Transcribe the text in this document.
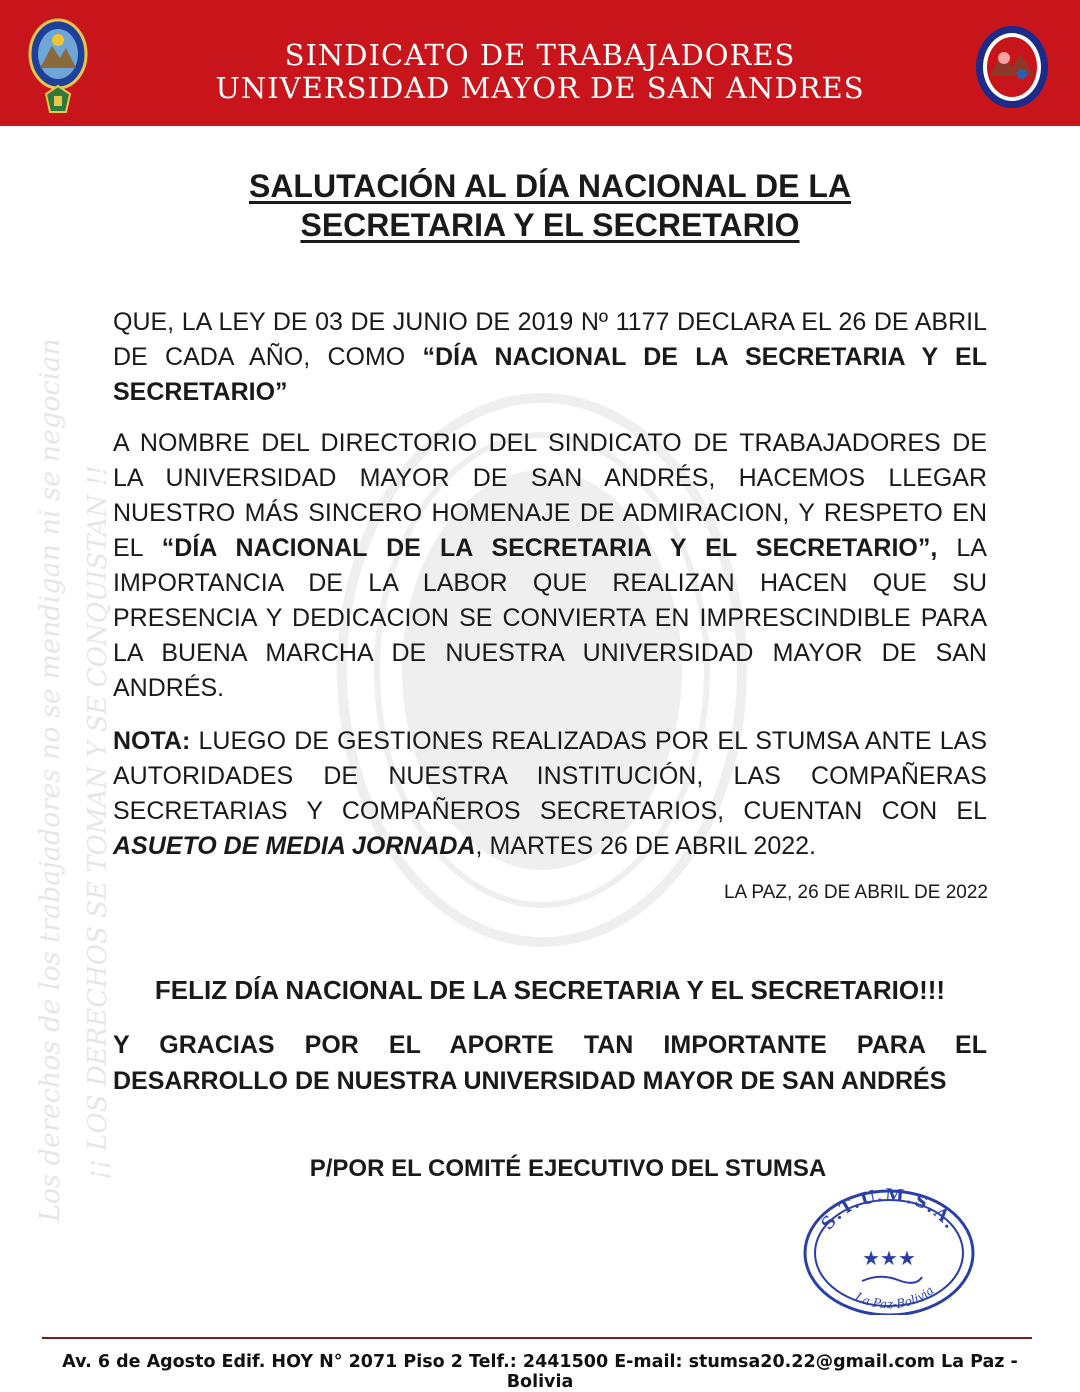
SINDICATO DE TRABAJADORES
UNIVERSIDAD MAYOR DE SAN ANDRES
Los derechos de los trabajadores no se mendigan ni se negocian ¡¡ LOS DERECHOS SE TOMAN Y SE CONQUISTAN !!
SALUTACIÓN AL DÍA NACIONAL DE LA
SECRETARIA Y EL SECRETARIO
QUE, LA LEY DE 03 DE JUNIO DE 2019 Nº 1177 DECLARA EL 26 DE ABRIL DE CADA AÑO, COMO “DÍA NACIONAL DE LA SECRETARIA Y EL SECRETARIO”
A NOMBRE DEL DIRECTORIO DEL SINDICATO DE TRABAJADORES DE LA UNIVERSIDAD MAYOR DE SAN ANDRÉS, HACEMOS LLEGAR NUESTRO MÁS SINCERO HOMENAJE DE ADMIRACION, Y RESPETO EN EL “DÍA NACIONAL DE LA SECRETARIA Y EL SECRETARIO”, LA IMPORTANCIA DE LA LABOR QUE REALIZAN HACEN QUE SU PRESENCIA Y DEDICACION SE CONVIERTA EN IMPRESCINDIBLE PARA LA BUENA MARCHA DE NUESTRA UNIVERSIDAD MAYOR DE SAN ANDRÉS.
NOTA: LUEGO DE GESTIONES REALIZADAS POR EL STUMSA ANTE LAS AUTORIDADES DE NUESTRA INSTITUCIÓN, LAS COMPAÑERAS SECRETARIAS Y COMPAÑEROS SECRETARIOS, CUENTAN CON EL ASUETO DE MEDIA JORNADA, MARTES 26 DE ABRIL 2022.
LA PAZ, 26 DE ABRIL DE 2022
FELIZ DÍA NACIONAL DE LA SECRETARIA Y EL SECRETARIO!!!
Y GRACIAS POR EL APORTE TAN IMPORTANTE PARA EL
DESARROLLO DE NUESTRA UNIVERSIDAD MAYOR DE SAN ANDRÉS
P/POR EL COMITÉ EJECUTIVO DEL STUMSA
S.T.U.M.S.A.
★★★
La Paz-Bolivia
Av. 6 de Agosto Edif. HOY N° 2071 Piso 2 Telf.: 2441500 E-mail: stumsa20.22@gmail.com La Paz - Bolivia
